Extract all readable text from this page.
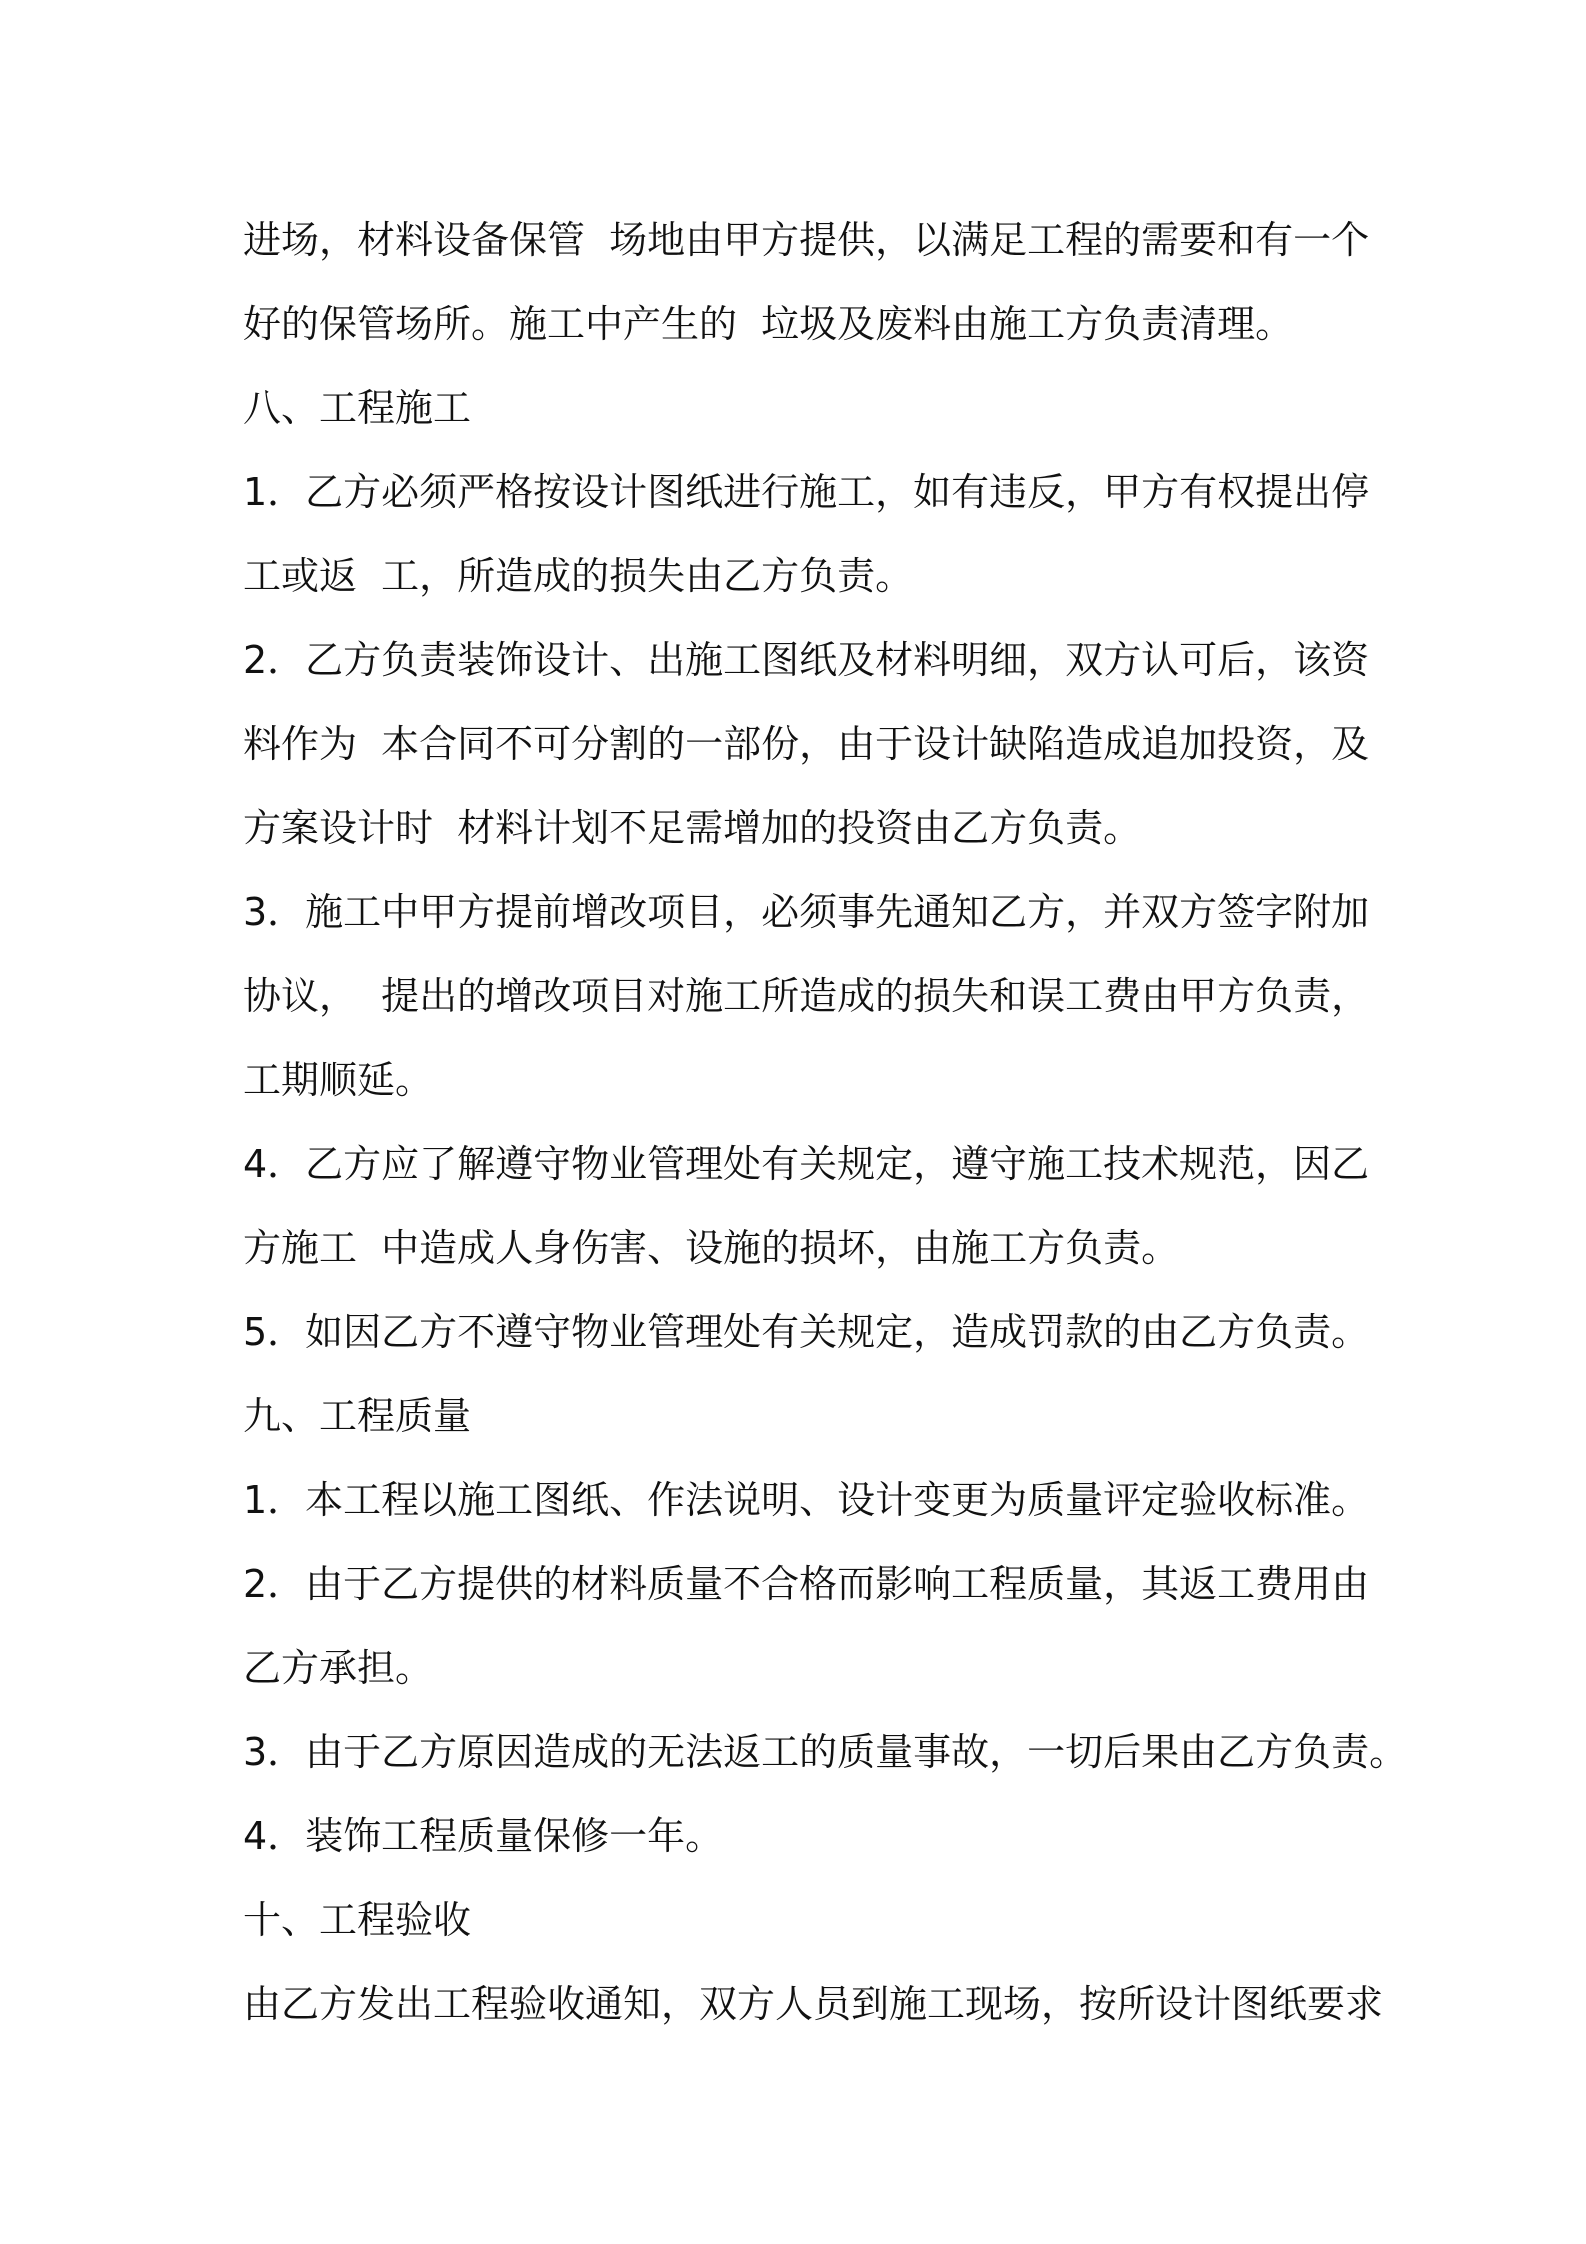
进场，材料设备保管  场地由甲方提供，以满足工程的需要和有一个
好的保管场所。施工中产生的  垃圾及废料由施工方负责清理。
八、工程施工
1．乙方必须严格按设计图纸进行施工，如有违反，甲方有权提出停
工或返  工，所造成的损失由乙方负责。
2．乙方负责装饰设计、出施工图纸及材料明细，双方认可后，该资
料作为  本合同不可分割的一部份，由于设计缺陷造成追加投资，及
方案设计时  材料计划不足需增加的投资由乙方负责。
3．施工中甲方提前增改项目，必须事先通知乙方，并双方签字附加
协议，  提出的增改项目对施工所造成的损失和误工费由甲方负责，
工期顺延。
4．乙方应了解遵守物业管理处有关规定，遵守施工技术规范，因乙
方施工  中造成人身伤害、设施的损坏，由施工方负责。
5．如因乙方不遵守物业管理处有关规定，造成罚款的由乙方负责。
九、工程质量
1．本工程以施工图纸、作法说明、设计变更为质量评定验收标准。
2．由于乙方提供的材料质量不合格而影响工程质量，其返工费用由
乙方承担。
3．由于乙方原因造成的无法返工的质量事故，一切后果由乙方负责。
4．装饰工程质量保修一年。
十、工程验收
由乙方发出工程验收通知，双方人员到施工现场，按所设计图纸要求
